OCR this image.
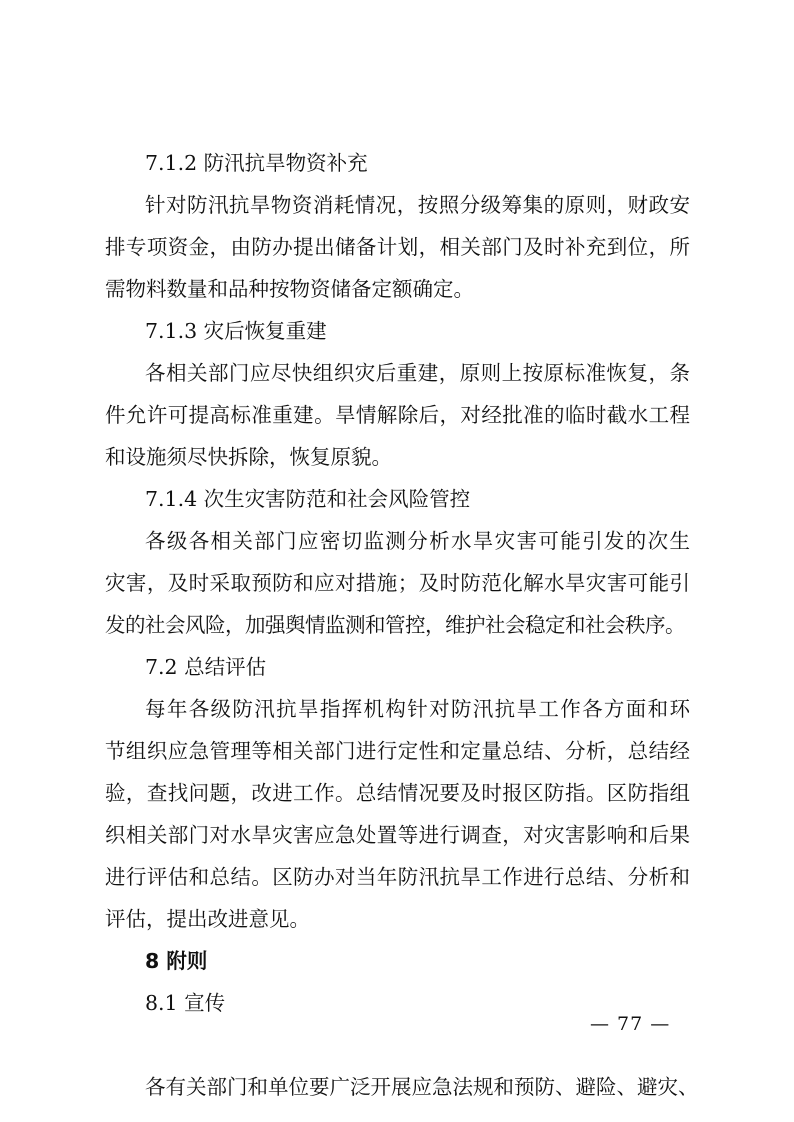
7.1.2 防汛抗旱物资补充
针对防汛抗旱物资消耗情况，按照分级筹集的原则，财政安
排专项资金，由防办提出储备计划，相关部门及时补充到位，所
需物料数量和品种按物资储备定额确定。
7.1.3 灾后恢复重建
各相关部门应尽快组织灾后重建，原则上按原标准恢复，条
件允许可提高标准重建。旱情解除后，对经批准的临时截水工程
和设施须尽快拆除，恢复原貌。
7.1.4 次生灾害防范和社会风险管控
各级各相关部门应密切监测分析水旱灾害可能引发的次生
灾害，及时采取预防和应对措施；及时防范化解水旱灾害可能引
发的社会风险，加强舆情监测和管控，维护社会稳定和社会秩序。
7.2 总结评估
每年各级防汛抗旱指挥机构针对防汛抗旱工作各方面和环
节组织应急管理等相关部门进行定性和定量总结、分析，总结经
验，查找问题，改进工作。总结情况要及时报区防指。区防指组
织相关部门对水旱灾害应急处置等进行调查，对灾害影响和后果
进行评估和总结。区防办对当年防汛抗旱工作进行总结、分析和
评估，提出改进意见。
8 附则
8.1 宣传
— 77 —
各有关部门和单位要广泛开展应急法规和预防、避险、避灾、
